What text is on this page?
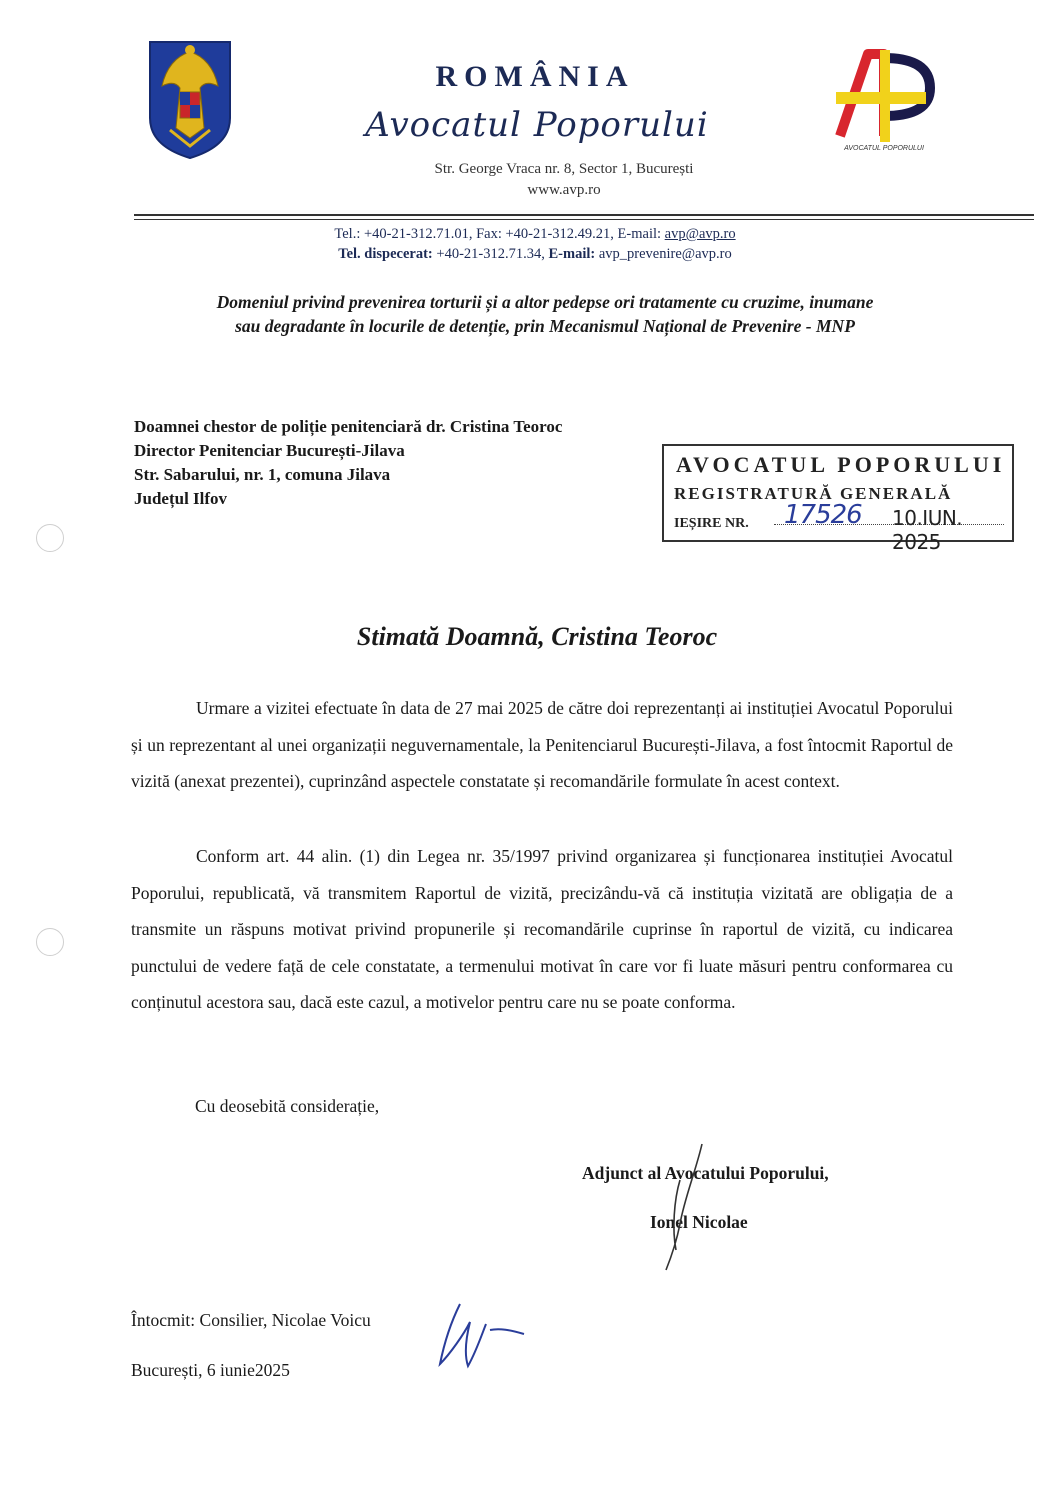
AVOCATUL POPORULUI
ROMÂNIA
Avocatul Poporului
Str. George Vraca nr. 8, Sector 1, București
www.avp.ro
Tel.: +40-21-312.71.01, Fax: +40-21-312.49.21, E-mail: avp@avp.ro
Tel. dispecerat: +40-21-312.71.34, E-mail: avp_prevenire@avp.ro
Domeniul privind prevenirea torturii și a altor pedepse ori tratamente cu cruzime, inumane
sau degradante în locurile de detenție, prin Mecanismul Național de Prevenire - MNP
Doamnei chestor de poliție penitenciară dr. Cristina Teoroc
Director Penitenciar București-Jilava
Str. Sabarului, nr. 1, comuna Jilava
Județul Ilfov
AVOCATUL POPORULUI
REGISTRATURĂ GENERALĂ
IEȘIRE NR. 17526 10.IUN. 2025
Stimată Doamnă, Cristina Teoroc
Urmare a vizitei efectuate în data de 27 mai 2025 de către doi reprezentanți ai instituției Avocatul Poporului și un reprezentant al unei organizații neguvernamentale, la Penitenciarul București-Jilava, a fost întocmit Raportul de vizită (anexat prezentei), cuprinzând aspectele constatate și recomandările formulate în acest context.
Conform art. 44 alin. (1) din Legea nr. 35/1997 privind organizarea și funcționarea instituției Avocatul Poporului, republicată, vă transmitem Raportul de vizită, precizându-vă că instituția vizitată are obligația de a transmite un răspuns motivat privind propunerile și recomandările cuprinse în raportul de vizită, cu indicarea punctului de vedere față de cele constatate, a termenului motivat în care vor fi luate măsuri pentru conformarea cu conținutul acestora sau, dacă este cazul, a motivelor pentru care nu se poate conforma.
Cu deosebită considerație,
Adjunct al Avocatului Poporului,
Ionel Nicolae
Întocmit: Consilier, Nicolae Voicu
București, 6 iunie2025
